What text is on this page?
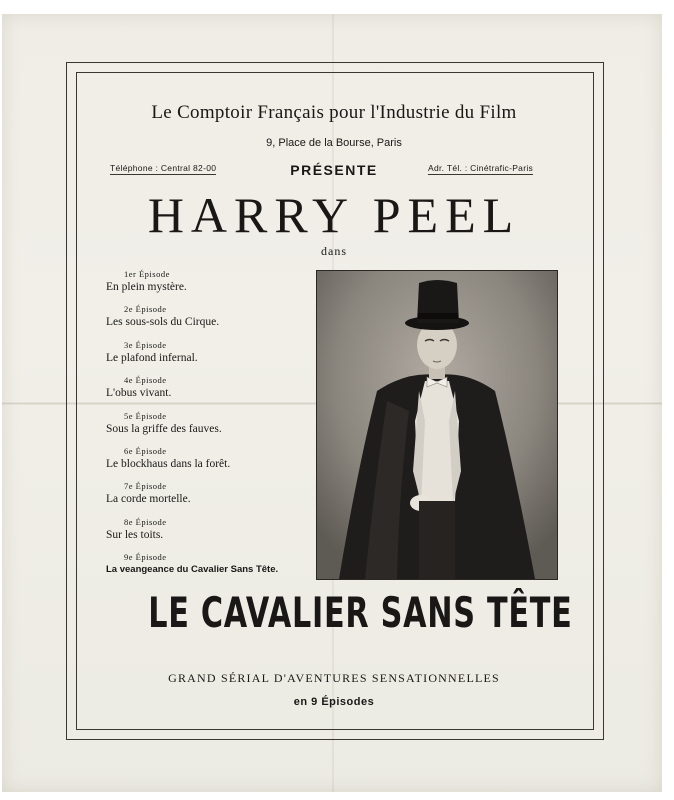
Le Comptoir Français pour l'Industrie du Film
9, Place de la Bourse, Paris
Téléphone : Central 82-00	PRÉSENTE	Adr. Tél. : Cinétrafic-Paris
HARRY PEEL
dans
1er Épisode
En plein mystère.
2e Épisode
Les sous-sols du Cirque.
3e Épisode
Le plafond infernal.
4e Épisode
L'obus vivant.
5e Épisode
Sous la griffe des fauves.
6e Épisode
Le blockhaus dans la forêt.
7e Épisode
La corde mortelle.
8e Épisode
Sur les toits.
9e Épisode
La veangeance du Cavalier Sans Tête.
LE CAVALIER SANS TÊTE
GRAND SÉRIAL D'AVENTURES SENSATIONNELLES
en 9 Épisodes
